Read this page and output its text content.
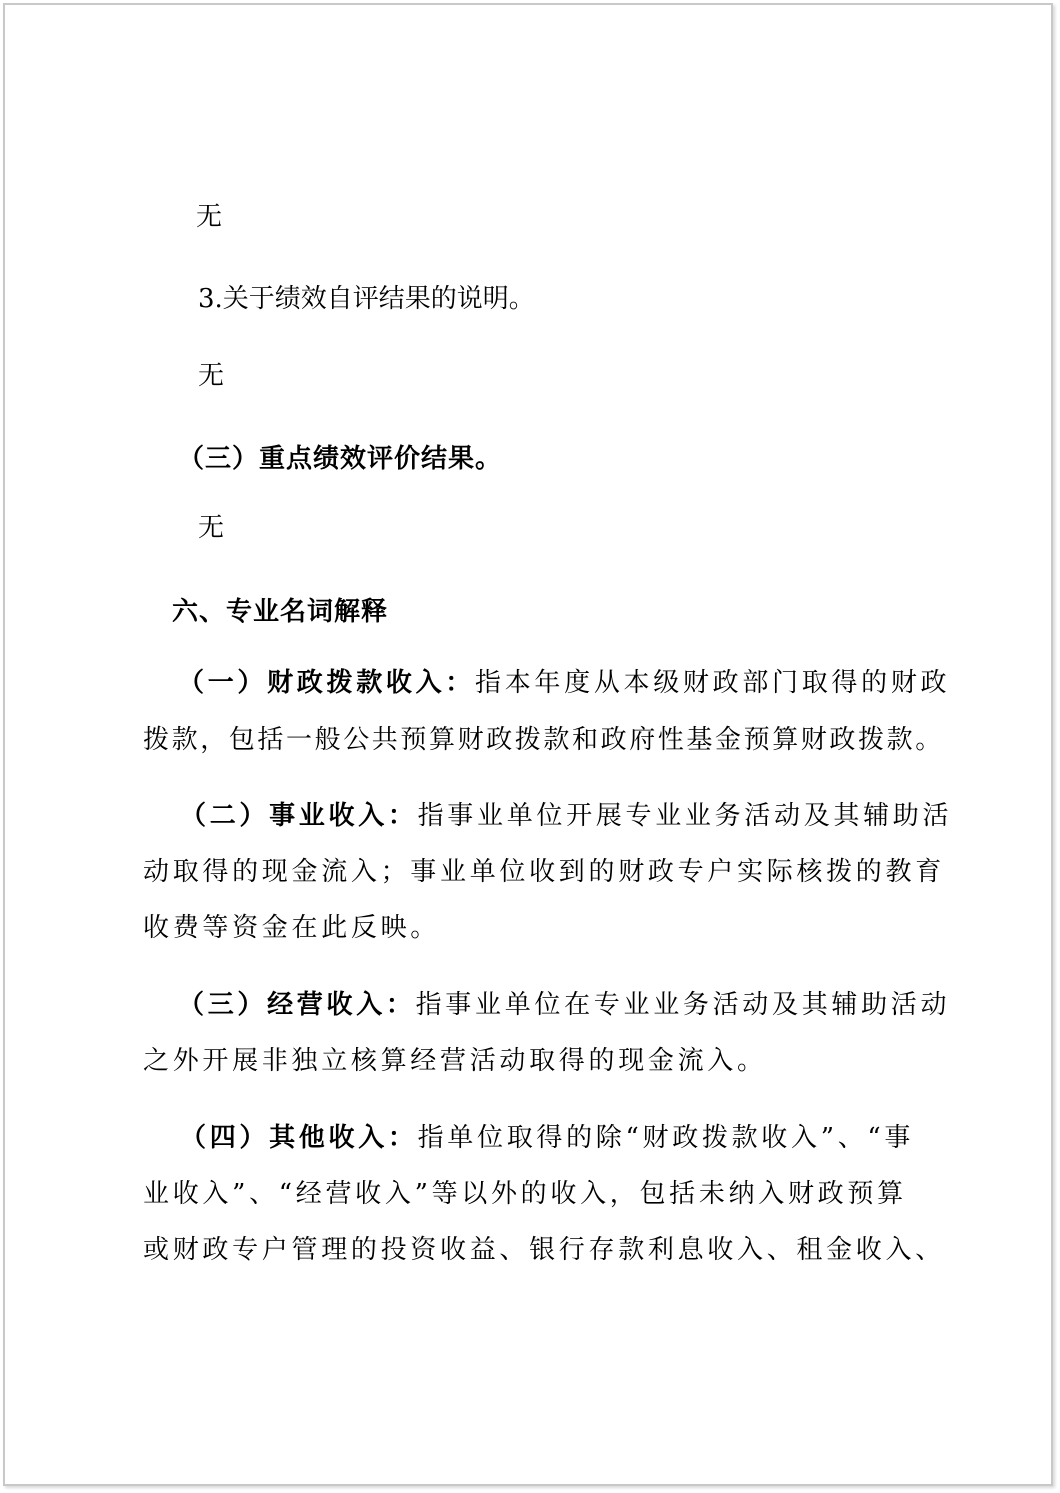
无

3.关于绩效自评结果的说明。

无

（三）重点绩效评价结果。

无

六、专业名词解释

（一）财政拨款收入：指本年度从本级财政部门取得的财政

拨款，包括一般公共预算财政拨款和政府性基金预算财政拨款。

（二）事业收入：指事业单位开展专业业务活动及其辅助活

动取得的现金流入；事业单位收到的财政专户实际核拨的教育

收费等资金在此反映。

（三）经营收入：指事业单位在专业业务活动及其辅助活动

之外开展非独立核算经营活动取得的现金流入。

（四）其他收入：指单位取得的除“财政拨款收入”、“事

业收入”、“经营收入”等以外的收入，包括未纳入财政预算

或财政专户管理的投资收益、银行存款利息收入、租金收入、
